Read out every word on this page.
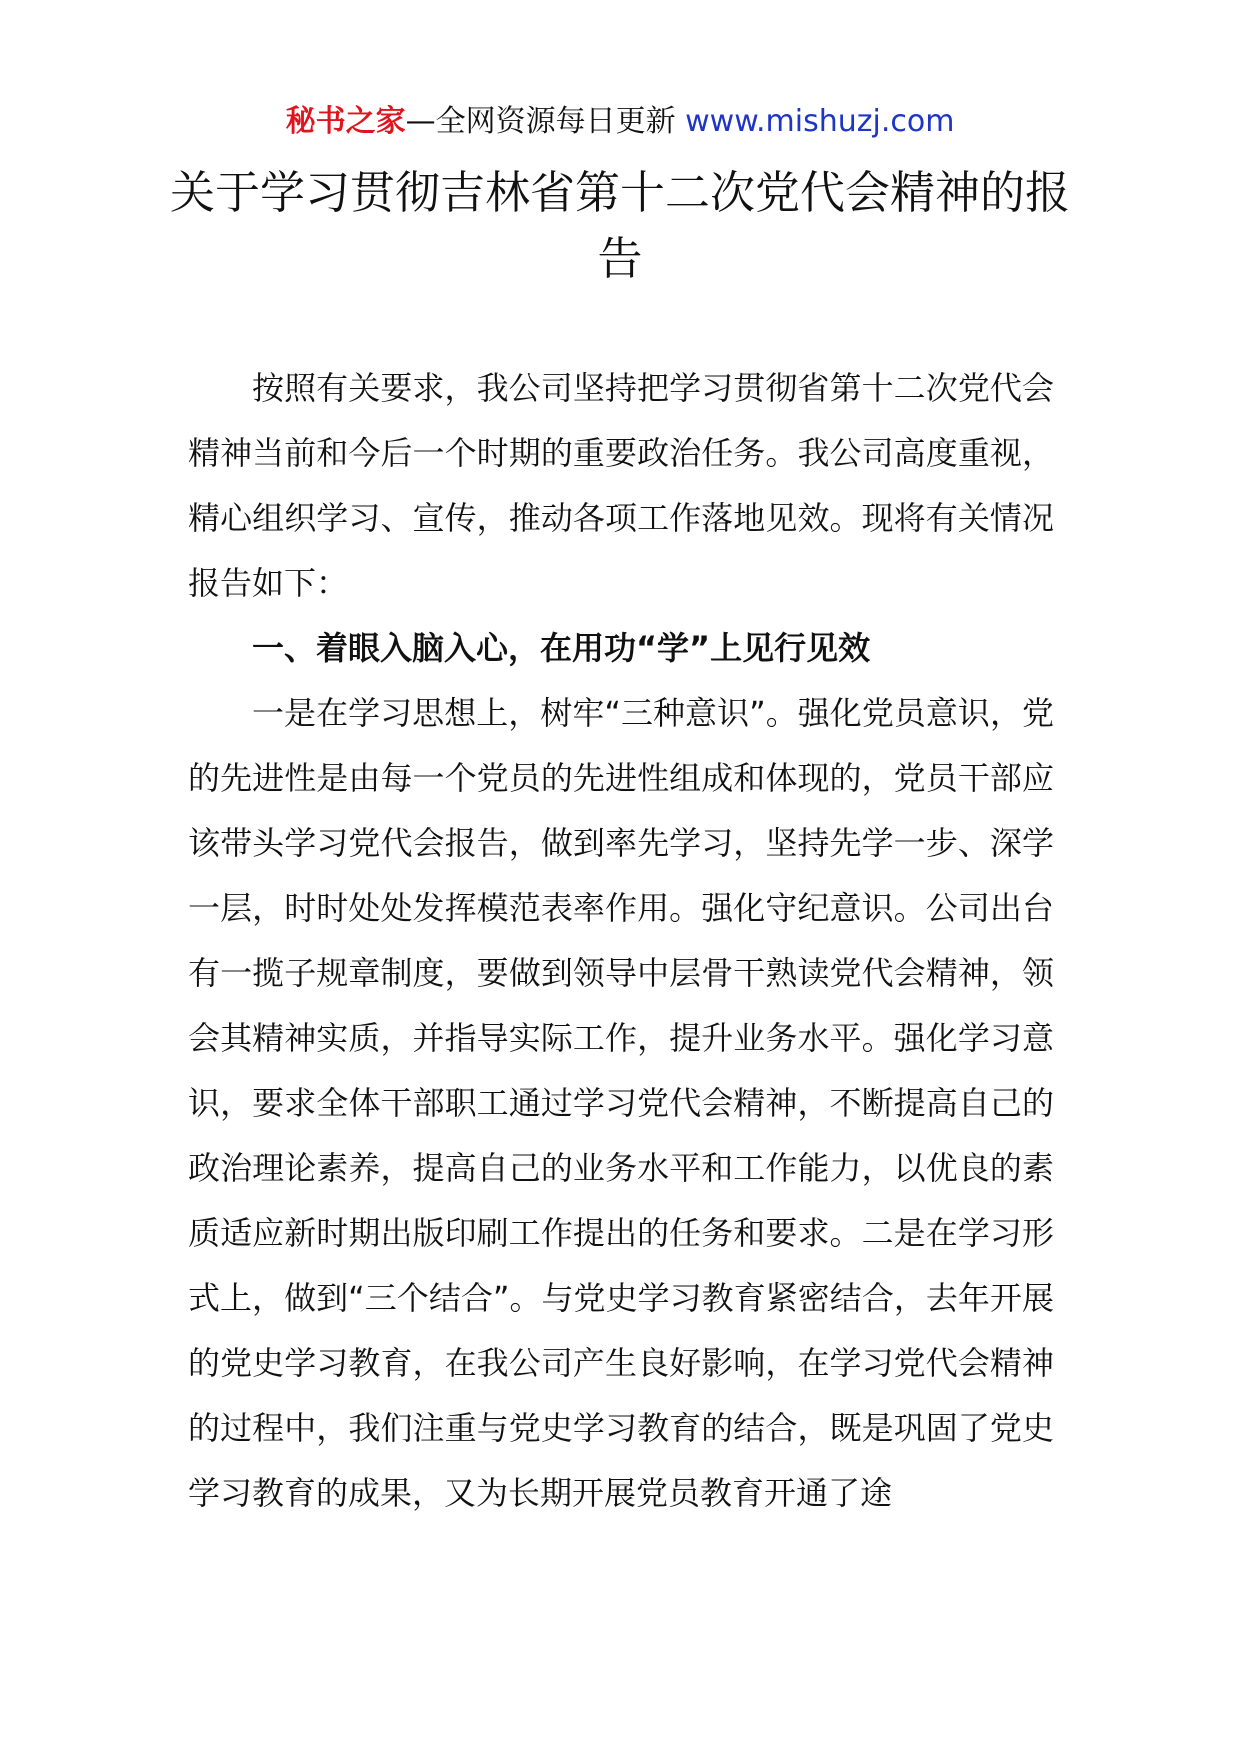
秘书之家—全网资源每日更新 www.mishuzj.com
关于学习贯彻吉林省第十二次党代会精神的报告

按照有关要求，我公司坚持把学习贯彻省第十二次党代会精神当前和今后一个时期的重要政治任务。我公司高度重视，精心组织学习、宣传，推动各项工作落地见效。现将有关情况报告如下：

一、着眼入脑入心，在用功“学”上见行见效

一是在学习思想上，树牢“三种意识”。强化党员意识，党的先进性是由每一个党员的先进性组成和体现的，党员干部应该带头学习党代会报告，做到率先学习，坚持先学一步、深学一层，时时处处发挥模范表率作用。强化守纪意识。公司出台有一揽子规章制度，要做到领导中层骨干熟读党代会精神，领会其精神实质，并指导实际工作，提升业务水平。强化学习意识，要求全体干部职工通过学习党代会精神，不断提高自己的政治理论素养，提高自己的业务水平和工作能力，以优良的素质适应新时期出版印刷工作提出的任务和要求。二是在学习形式上，做到“三个结合”。与党史学习教育紧密结合，去年开展的党史学习教育，在我公司产生良好影响，在学习党代会精神的过程中，我们注重与党史学习教育的结合，既是巩固了党史学习教育的成果，又为长期开展党员教育开通了途
